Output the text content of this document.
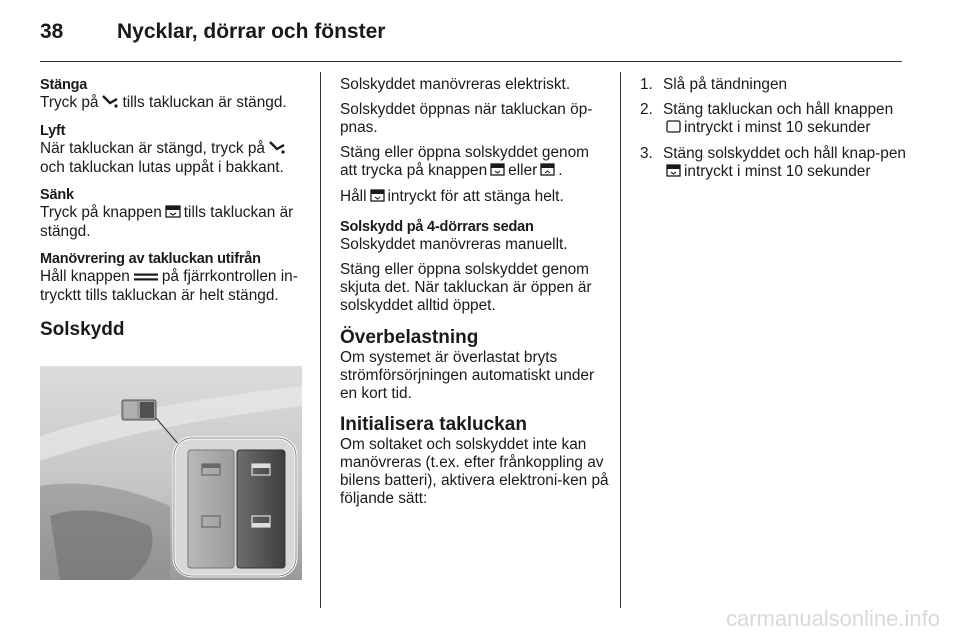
38	Nycklar, dörrar och fönster
Stänga
Tryck på tills takluckan är stängd.
Lyft
När takluckan är stängd, tryck påoch takluckan lutas uppåt i bakkant.
Sänk
Tryck på knappen tills takluckan är stängd.
Manövrering av takluckan utifrån
Håll knappen på fjärrkontrollen in-trycktt tills takluckan är helt stängd.
Solskydd

Solskyddet manövreras elektriskt.

Solskyddet öppnas när takluckan öp-pnas.

Stäng eller öppna solskyddet genom att trycka på knappen eller .

Håll intryckt för att stänga helt.

Solskydd på 4-dörrars sedan

Solskyddet manövreras manuellt.

Stäng eller öppna solskyddet genom skjuta det. När takluckan är öppen är solskyddet alltid öppet.

Överbelastning

Om systemet är överlastat bryts strömförsörjningen automatiskt under en kort tid.

Initialisera takluckan

Om soltaket och solskyddet inte kan manövreras (t.ex. efter frånkoppling av bilens batteri), aktivera elektroni-ken på följande sätt:

1. Slå på tändningen
2. Stäng takluckan och håll knappen intryckt i minst 10 sekunder
3. Stäng solskyddet och håll knap-pen intryckt i minst 10 sekunder
carmanualsonline.info
